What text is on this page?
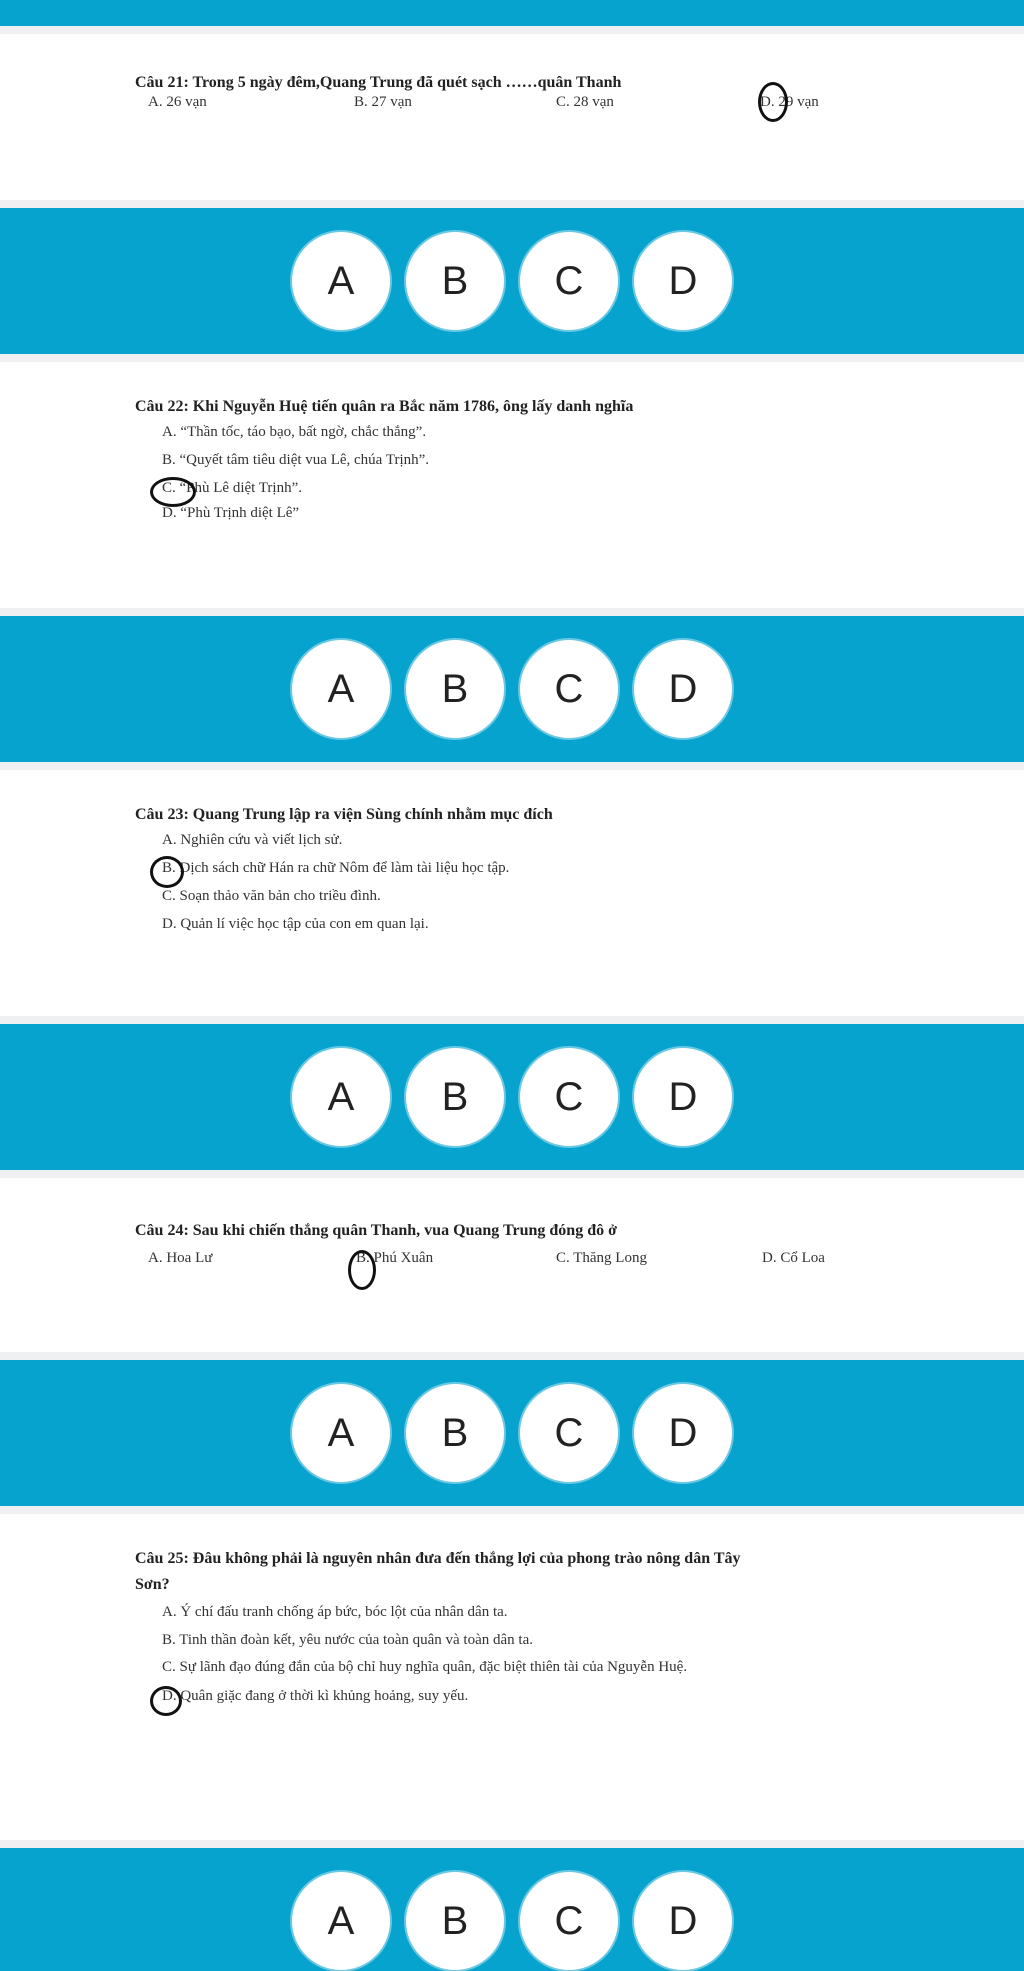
Câu 21: Trong 5 ngày đêm,Quang Trung đã quét sạch ……quân Thanh
A. 26 vạn	B. 27 vạn	C. 28 vạn	D. 29 vạn
A	B	C	D
Câu 22: Khi Nguyễn Huệ tiến quân ra Bắc năm 1786, ông lấy danh nghĩa
A. “Thần tốc, táo bạo, bất ngờ, chắc thắng”.
B. “Quyết tâm tiêu diệt vua Lê, chúa Trịnh”.
C. “Phù Lê diệt Trịnh”.
D. “Phù Trịnh diệt Lê”
A	B	C	D
Câu 23: Quang Trung lập ra viện Sùng chính nhằm mục đích
A. Nghiên cứu và viết lịch sử.
B. Dịch sách chữ Hán ra chữ Nôm để làm tài liệu học tập.
C. Soạn thảo văn bản cho triều đình.
D. Quản lí việc học tập của con em quan lại.
A	B	C	D
Câu 24: Sau khi chiến thắng quân Thanh, vua Quang Trung đóng đô ở
A. Hoa Lư	B. Phú Xuân	C. Thăng Long	D. Cổ Loa
A	B	C	D
Câu 25: Đâu không phải là nguyên nhân đưa đến thắng lợi của phong trào nông dân Tây
Sơn?
A. Ý chí đấu tranh chống áp bức, bóc lột của nhân dân ta.
B. Tinh thần đoàn kết, yêu nước của toàn quân và toàn dân ta.
C. Sự lãnh đạo đúng đắn của bộ chỉ huy nghĩa quân, đặc biệt thiên tài của Nguyễn Huệ.
D. Quân giặc đang ở thời kì khủng hoảng, suy yếu.
A	B	C	D
